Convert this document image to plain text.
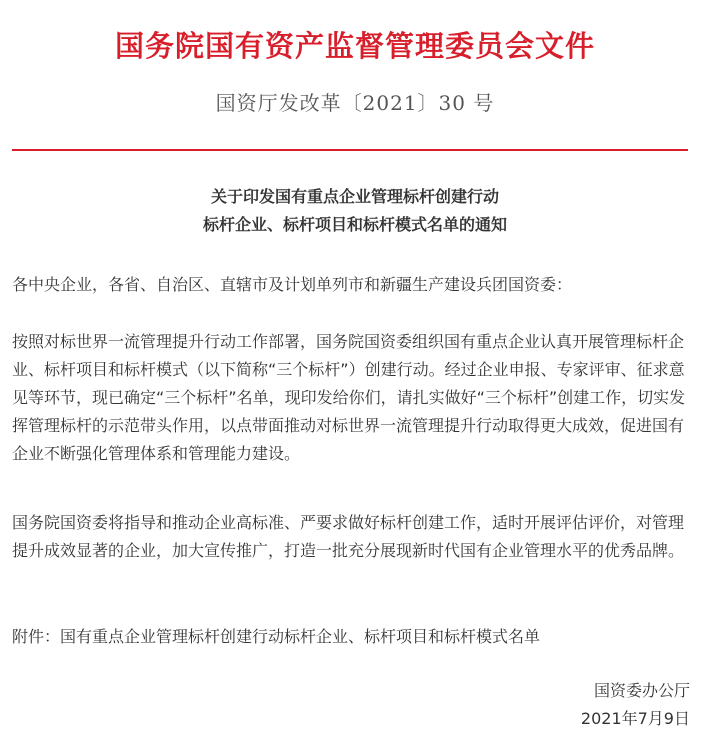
国务院国有资产监督管理委员会文件
国资厅发改革〔2021〕30 号
关于印发国有重点企业管理标杆创建行动
标杆企业、标杆项目和标杆模式名单的通知

各中央企业，各省、自治区、直辖市及计划单列市和新疆生产建设兵团国资委：

按照对标世界一流管理提升行动工作部署，国务院国资委组织国有重点企业认真开展管理标杆企业、标杆项目和标杆模式（以下简称“三个标杆”）创建行动。经过企业申报、专家评审、征求意见等环节，现已确定“三个标杆”名单，现印发给你们，请扎实做好“三个标杆”创建工作，切实发挥管理标杆的示范带头作用，以点带面推动对标世界一流管理提升行动取得更大成效，促进国有企业不断强化管理体系和管理能力建设。

国务院国资委将指导和推动企业高标准、严要求做好标杆创建工作，适时开展评估评价，对管理提升成效显著的企业，加大宣传推广，打造一批充分展现新时代国有企业管理水平的优秀品牌。

附件：国有重点企业管理标杆创建行动标杆企业、标杆项目和标杆模式名单

国资委办公厅
2021年7月9日
